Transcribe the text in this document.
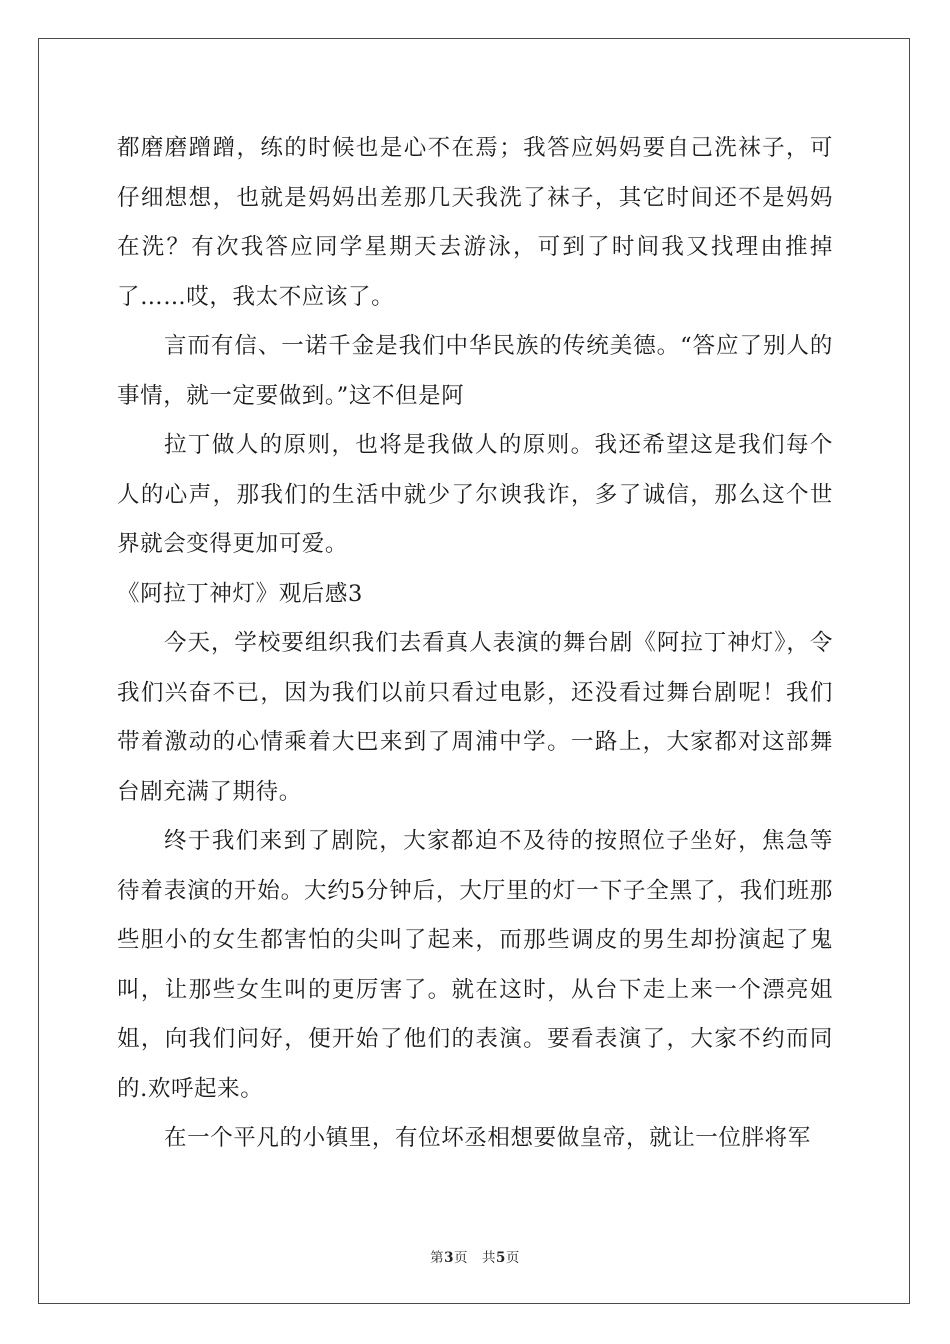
都磨磨蹭蹭，练的时候也是心不在焉；我答应妈妈要自己洗袜子，可仔细想想，也就是妈妈出差那几天我洗了袜子，其它时间还不是妈妈在洗？有次我答应同学星期天去游泳，可到了时间我又找理由推掉了……哎，我太不应该了。

言而有信、一诺千金是我们中华民族的传统美德。“答应了别人的事情，就一定要做到。”这不但是阿

拉丁做人的原则，也将是我做人的原则。我还希望这是我们每个人的心声，那我们的生活中就少了尔谀我诈，多了诚信，那么这个世界就会变得更加可爱。

《阿拉丁神灯》观后感3

今天，学校要组织我们去看真人表演的舞台剧《阿拉丁神灯》，令我们兴奋不已，因为我们以前只看过电影，还没看过舞台剧呢！我们带着激动的心情乘着大巴来到了周浦中学。一路上，大家都对这部舞台剧充满了期待。

终于我们来到了剧院，大家都迫不及待的按照位子坐好，焦急等待着表演的开始。大约5分钟后，大厅里的灯一下子全黑了，我们班那些胆小的女生都害怕的尖叫了起来，而那些调皮的男生却扮演起了鬼叫，让那些女生叫的更厉害了。就在这时，从台下走上来一个漂亮姐姐，向我们问好，便开始了他们的表演。要看表演了，大家不约而同的.欢呼起来。

在一个平凡的小镇里，有位坏丞相想要做皇帝，就让一位胖将军

第3页 共5页
